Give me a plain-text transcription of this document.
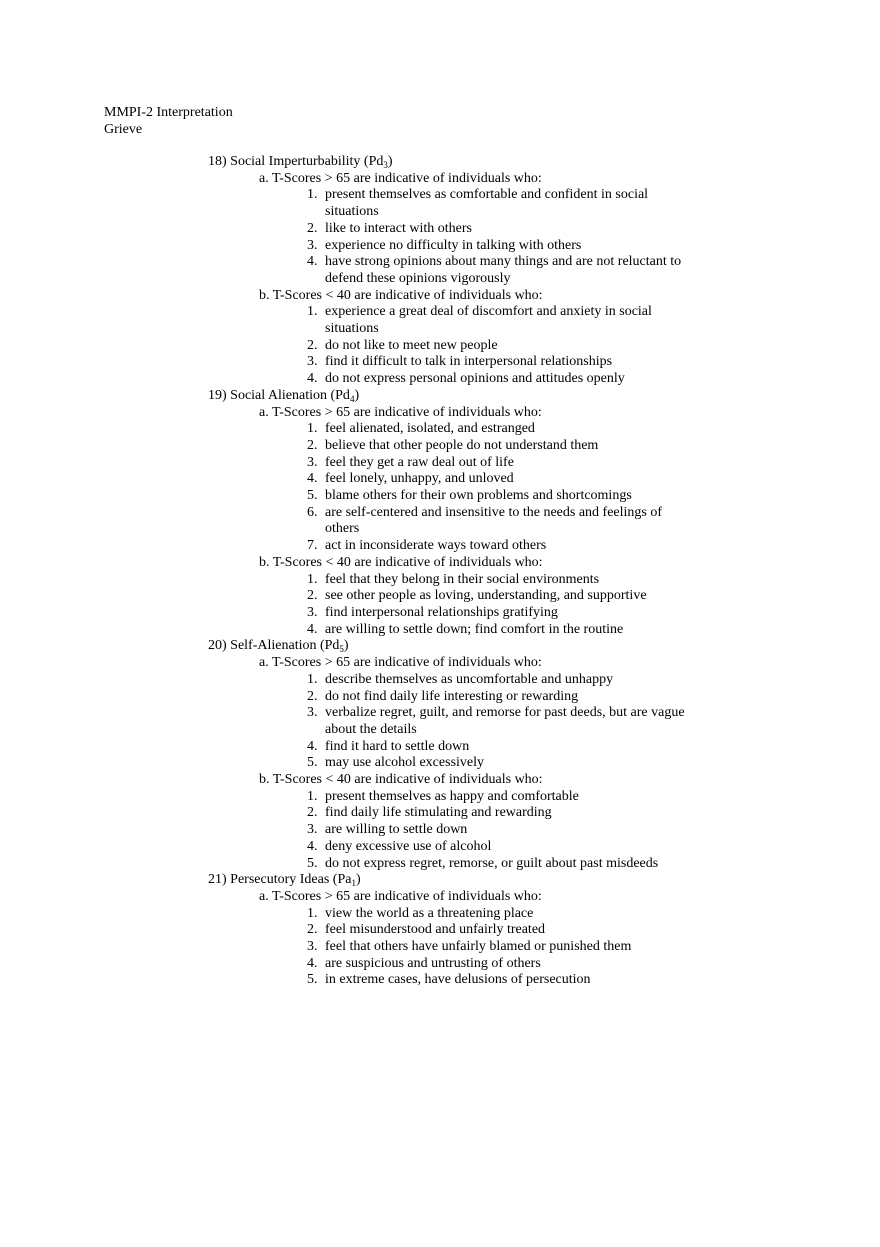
MMPI-2 Interpretation
Grieve
18) Social Imperturbability $(Pd_3)$
a. T-Scores > 65 are indicative of individuals who:
1. present themselves as comfortable and confident in social situations
2. like to interact with others
3. experience no difficulty in talking with others
4. have strong opinions about many things and are not reluctant to defend these opinions vigorously
b. T-Scores < 40 are indicative of individuals who:
1. experience a great deal of discomfort and anxiety in social situations
2. do not like to meet new people
3. find it difficult to talk in interpersonal relationships
4. do not express personal opinions and attitudes openly
19) Social Alienation $(Pd_4)$
a. T-Scores > 65 are indicative of individuals who:
1. feel alienated, isolated, and estranged
2. believe that other people do not understand them
3. feel they get a raw deal out of life
4. feel lonely, unhappy, and unloved
5. blame others for their own problems and shortcomings
6. are self-centered and insensitive to the needs and feelings of others
7. act in inconsiderate ways toward others
b. T-Scores < 40 are indicative of individuals who:
1. feel that they belong in their social environments
2. see other people as loving, understanding, and supportive
3. find interpersonal relationships gratifying
4. are willing to settle down; find comfort in the routine
20) Self-Alienation $(Pd_5)$
a. T-Scores > 65 are indicative of individuals who:
1. describe themselves as uncomfortable and unhappy
2. do not find daily life interesting or rewarding
3. verbalize regret, guilt, and remorse for past deeds, but are vague about the details
4. find it hard to settle down
5. may use alcohol excessively
b. T-Scores < 40 are indicative of individuals who:
1. present themselves as happy and comfortable
2. find daily life stimulating and rewarding
3. are willing to settle down
4. deny excessive use of alcohol
5. do not express regret, remorse, or guilt about past misdeeds
21) Persecutory Ideas $(Pa_1)$
a. T-Scores > 65 are indicative of individuals who:
1. view the world as a threatening place
2. feel misunderstood and unfairly treated
3. feel that others have unfairly blamed or punished them
4. are suspicious and untrusting of others
5. in extreme cases, have delusions of persecution
